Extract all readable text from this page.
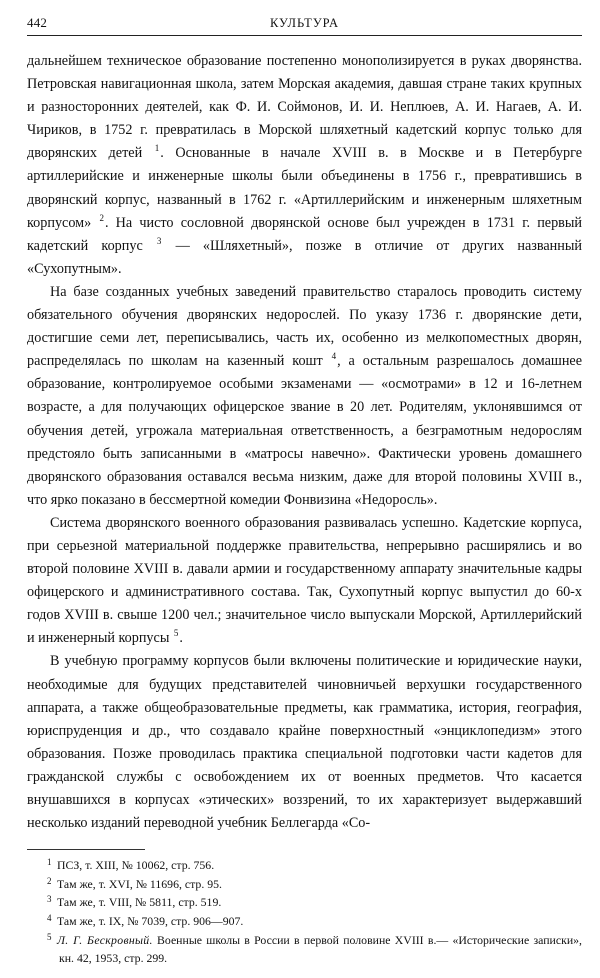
442	КУЛЬТУРА

дальнейшем техническое образование постепенно монополизируется в руках дворянства. Петровская навигационная школа, затем Морская академия, давшая стране таких крупных и разносторонних деятелей, как Ф. И. Соймонов, И. И. Неплюев, А. И. Нагаев, А. И. Чириков, в 1752 г. превратилась в Морской шляхетный кадетский корпус только для дворянских детей $^1$. Основанные в начале XVIII в. в Москве и в Петербурге артиллерийские и инженерные школы были объединены в 1756 г., превратившись в дворянский корпус, названный в 1762 г. «Артиллерийским и инженерным шляхетным корпусом» $^2$. На чисто сословной дворянской основе был учрежден в 1731 г. первый кадетский корпус $^3$ — «Шляхетный», позже в отличие от других названный «Сухопутным».

На базе созданных учебных заведений правительство старалось проводить систему обязательного обучения дворянских недорослей. По указу 1736 г. дворянские дети, достигшие семи лет, переписывались, часть их, особенно из мелкопоместных дворян, распределялась по школам на казенный кошт $^4$, а остальным разрешалось домашнее образование, контролируемое особыми экзаменами — «осмотрами» в 12 и 16-летнем возрасте, а для получающих офицерское звание в 20 лет. Родителям, уклонявшимся от обучения детей, угрожала материальная ответственность, а безграмотным недорослям предстояло быть записанными в «матросы навечно». Фактически уровень домашнего дворянского образования оставался весьма низким, даже для второй половины XVIII в., что ярко показано в бессмертной комедии Фонвизина «Недоросль».

Система дворянского военного образования развивалась успешно. Кадетские корпуса, при серьезной материальной поддержке правительства, непрерывно расширялись и во второй половине XVIII в. давали армии и государственному аппарату значительные кадры офицерского и административного состава. Так, Сухопутный корпус выпустил до 60-х годов XVIII в. свыше 1200 чел.; значительное число выпускали Морской, Артиллерийский и инженерный корпусы $^5$.

В учебную программу корпусов были включены политические и юридические науки, необходимые для будущих представителей чиновничьей верхушки государственного аппарата, а также общеобразовательные предметы, как грамматика, история, география, юриспруденция и др., что создавало крайне поверхностный «энциклопедизм» этого образования. Позже проводилась практика специальной подготовки части кадетов для гражданской службы с освобождением их от военных предметов. Что касается внушавшихся в корпусах «этических» воззрений, то их характеризует выдержавший несколько изданий переводной учебник Беллегарда «Со-

1 ПСЗ, т. XIII, № 10062, стр. 756.

2 Там же, т. XVI, № 11696, стр. 95.

3 Там же, т. VIII, № 5811, стр. 519.

4 Там же, т. IX, № 7039, стр. 906—907.

5 Л. Г. Бескровный. Военные школы в России в первой половине XVIII в.— «Исторические записки», кн. 42, 1953, стр. 299.
